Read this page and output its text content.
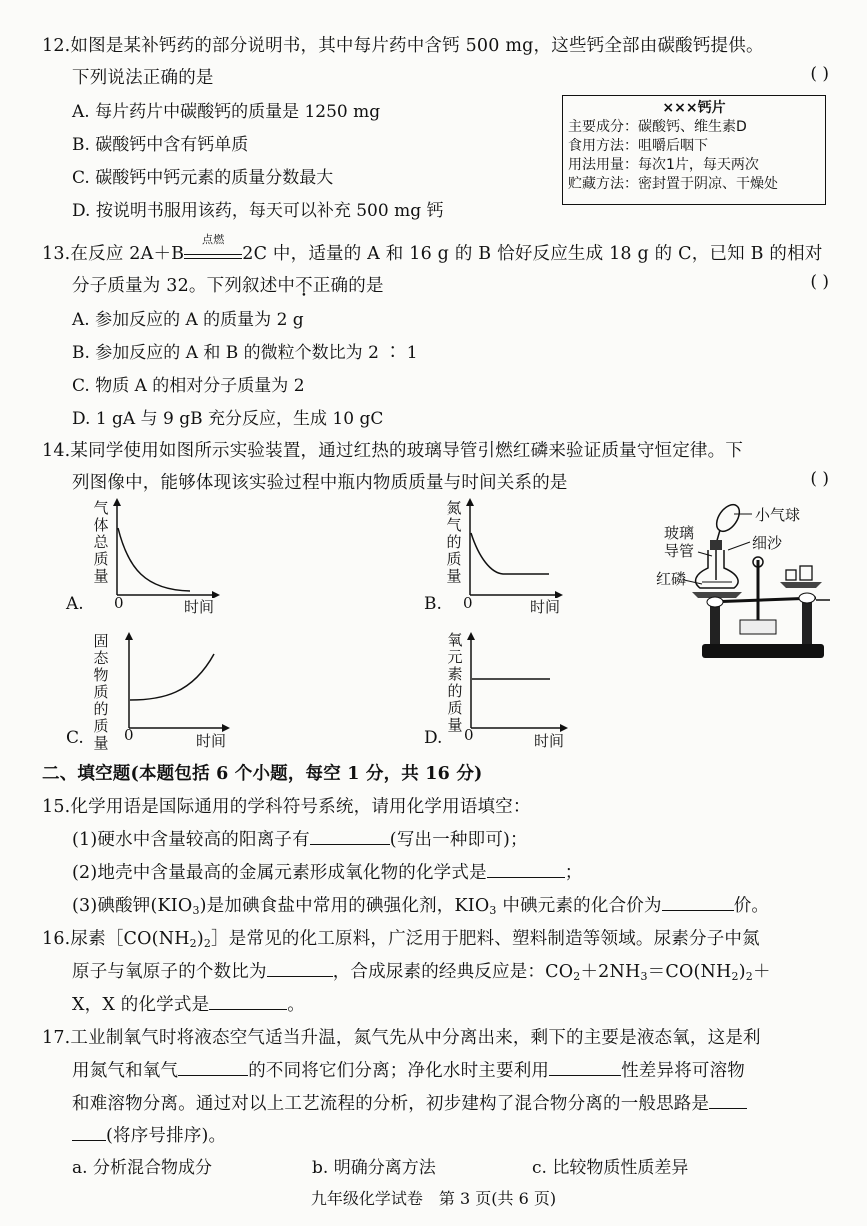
12.如图是某补钙药的部分说明书，其中每片药中含钙 500 mg，这些钙全部由碳酸钙提供。
下列说法正确的是	( )
A. 每片药片中碳酸钙的质量是 1250 mg
B. 碳酸钙中含有钙单质
C. 碳酸钙中钙元素的质量分数最大
D. 按说明书服用该药，每天可以补充 500 mg 钙
×××钙片
主要成分：碳酸钙、维生素D
食用方法：咀嚼后咽下
用法用量：每次1片，每天两次
贮藏方法：密封置于阴凉、干燥处
13.在反应 2A＋B
点燃
2C 中，适量的 A 和 16 g 的 B 恰好反应生成 18 g 的 C，已知 B 的相对
分子质量为 32。下列叙述中不正确的是	( )
A. 参加反应的 A 的质量为 2 g
B. 参加反应的 A 和 B 的微粒个数比为 2 ∶ 1
C. 物质 A 的相对分子质量为 2
D. 1 gA 与 9 gB 充分反应，生成 10 gC
14.某同学使用如图所示实验装置，通过红热的玻璃导管引燃红磷来验证质量守恒定律。下
列图像中，能够体现该实验过程中瓶内物质质量与时间关系的是	( )
气体总质量
A. 0	时间
氮气的质量
B. 0	时间
小气球
玻璃导管	细沙
红磷
固态物质的质量
C.	0	时间
氧元素的质量
D. 0	时间
二、填空题(本题包括 6 个小题，每空 1 分，共 16 分)
15.化学用语是国际通用的学科符号系统，请用化学用语填空：
(1)硬水中含量较高的阳离子有	(写出一种即可)；
(2)地壳中含量最高的金属元素形成氧化物的化学式是	；
(3)碘酸钾$(KIO_3)$是加碘食盐中常用的碘强化剂，$KIO_3$ 中碘元素的化合价为	价。
16.尿素$[CO(NH_2)_2]$是常见的化工原料，广泛用于肥料、塑料制造等领域。尿素分子中氮
原子与氧原子的个数比为	，合成尿素的经典反应是：$CO_2+2NH_3=CO(NH_2)_2+$
X，X 的化学式是	。
17.工业制氧气时将液态空气适当升温，氮气先从中分离出来，剩下的主要是液态氧，这是利
用氮气和氧气	的不同将它们分离；净化水时主要利用	性差异将可溶物
和难溶物分离。通过对以上工艺流程的分析，初步建构了混合物分离的一般思路是
(将序号排序)。
a. 分析混合物成分	b. 明确分离方法	c. 比较物质性质差异
九年级化学试卷　第 3 页(共 6 页)
